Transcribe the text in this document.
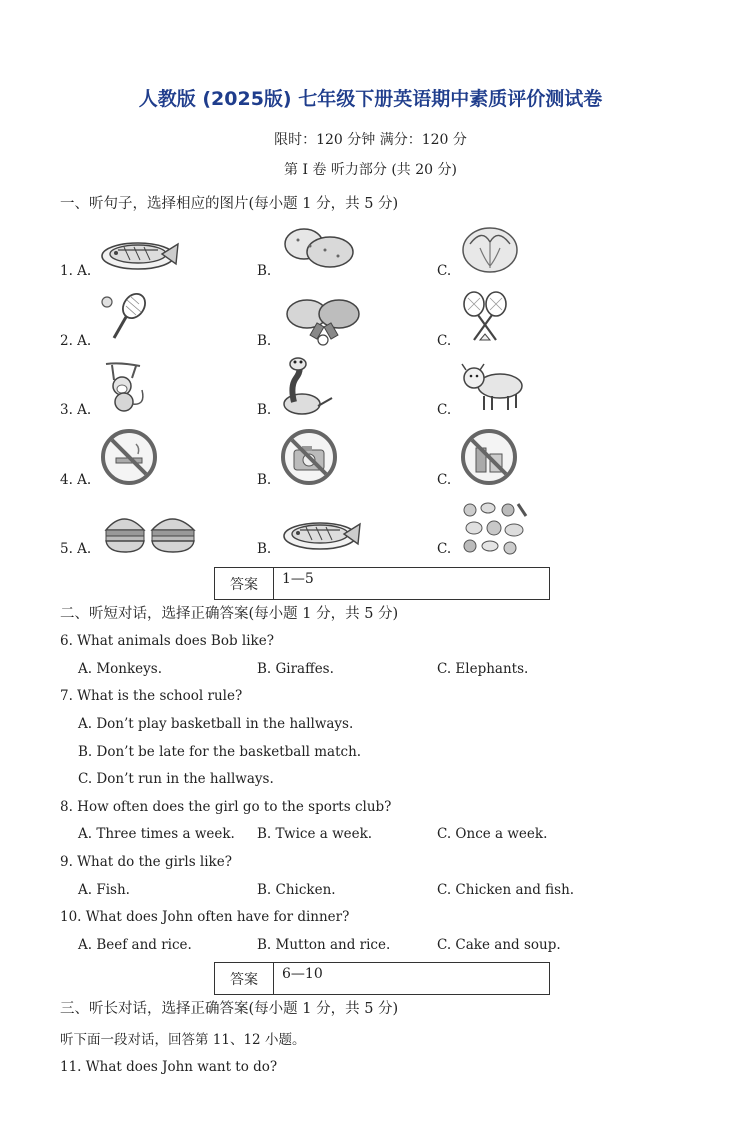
人教版 (2025版) 七年级下册英语期中素质评价测试卷
限时：120 分钟 满分：120 分
第 I 卷 听力部分 (共 20 分)
一、听句子，选择相应的图片(每小题 1 分，共 5 分)
1. A.	B.	C.
2. A.	B.	C.
3. A.	B.	C.
4. A.	B.	C.
5. A.	B.	C.
答案	1—5
二、听短对话，选择正确答案(每小题 1 分，共 5 分)
6. What animals does Bob like?
A. Monkeys.	B. Giraffes.	C. Elephants.
7. What is the school rule?
A. Don’t play basketball in the hallways.
B. Don’t be late for the basketball match.
C. Don’t run in the hallways.
8. How often does the girl go to the sports club?
A. Three times a week. B. Twice a week.	C. Once a week.
9. What do the girls like?
A. Fish.	B. Chicken.	C. Chicken and fish.
10. What does John often have for dinner?
A. Beef and rice.	B. Mutton and rice.	C. Cake and soup.
答案	6—10
三、听长对话，选择正确答案(每小题 1 分，共 5 分)
听下面一段对话，回答第 11、12 小题。
11. What does John want to do?
